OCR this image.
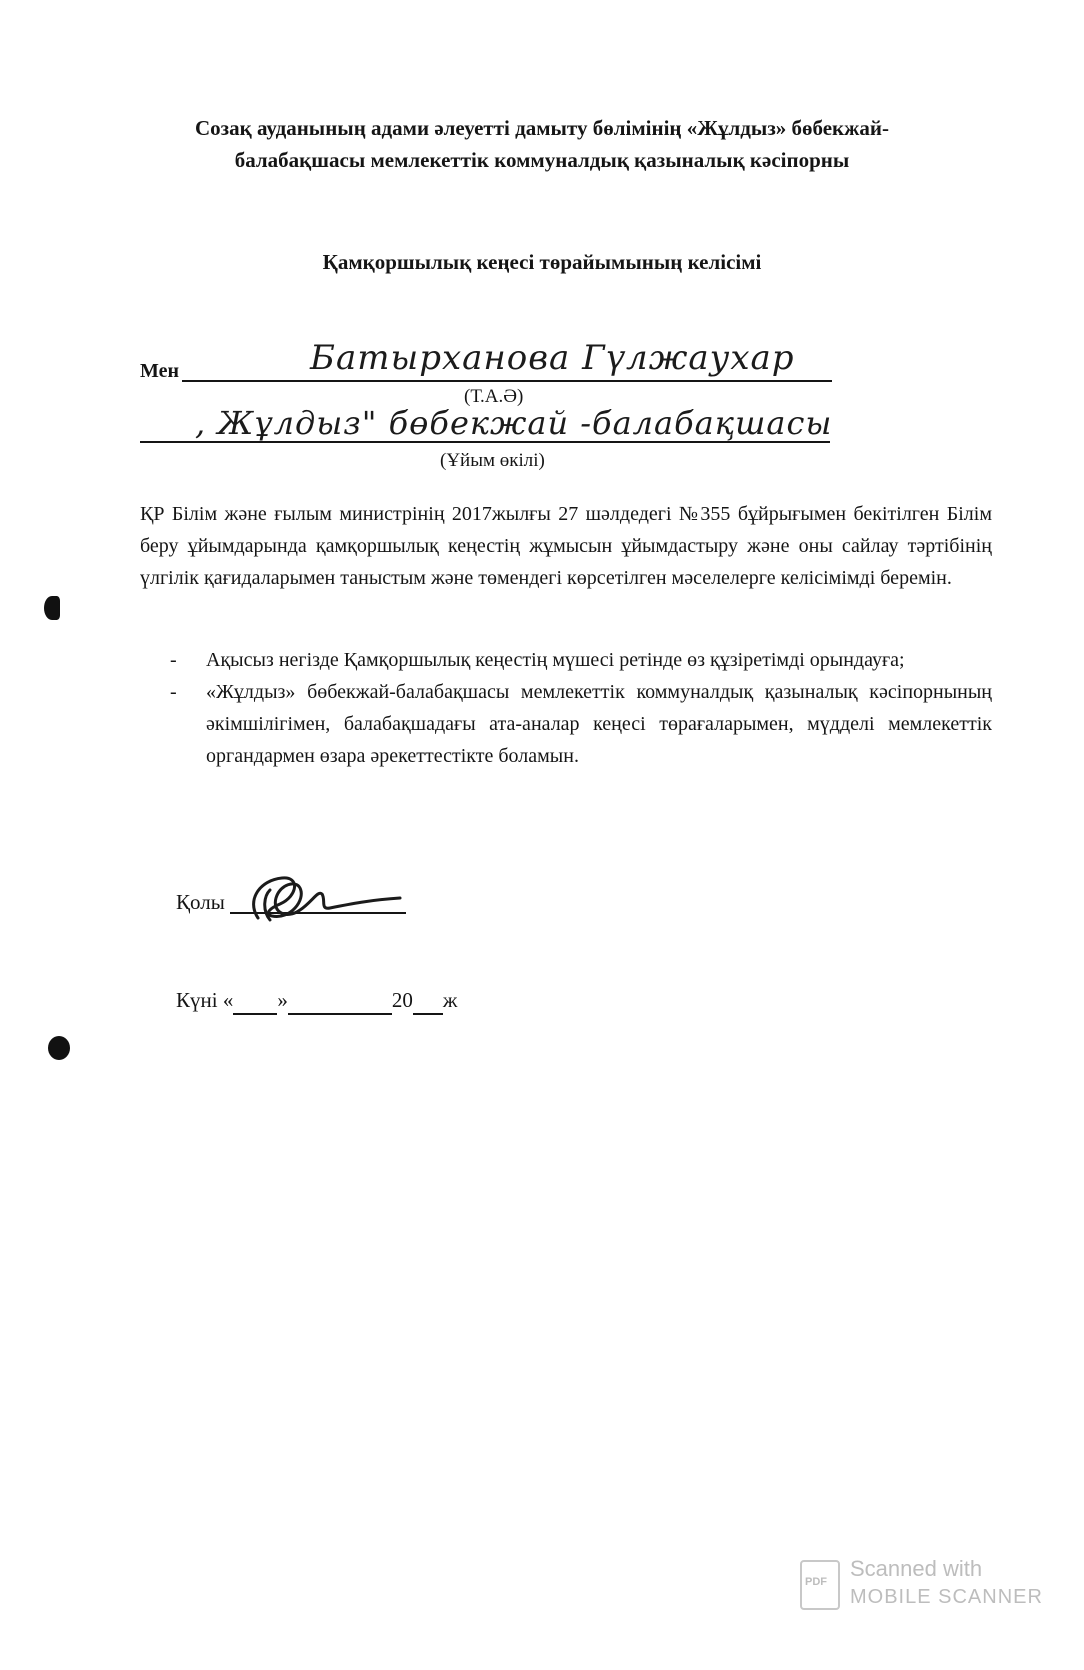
Созақ ауданының адами әлеуетті дамыту бөлімінің «Жұлдыз» бөбекжай-
балабақшасы мемлекеттік коммуналдық қазыналық кәсіпорны
Қамқоршылық кеңесі төрайымының келісімі
Мен	Батырханова Гүлжаухар
(Т.А.Ә)
, Жұлдыз" бөбекжай -балабақшасы
(Ұйым өкілі)
ҚР Білім және ғылым министрінің 2017жылғы 27 шәлдедегі №355 бұйрығымен бекітілген Білім беру ұйымдарында қамқоршылық кеңестің жұмысын ұйымдастыру және оны сайлау тәртібінің үлгілік қағидаларымен таныстым және төмендегі көрсетілген мәселелерге келісімімді беремін.
- Ақысыз негізде Қамқоршылық кеңестің мүшесі ретінде өз құзіретімді орындауға;
- «Жұлдыз» бөбекжай-балабақшасы мемлекеттік коммуналдық қазыналық кәсіпорнының әкімшілігімен, балабақшадағы ата-аналар кеңесі төрағаларымен, мүдделі мемлекеттік органдармен өзара әрекеттестікте боламын.
Қолы
Күні « »	20 ж
PDF
Scanned with
MOBILE SCANNER
